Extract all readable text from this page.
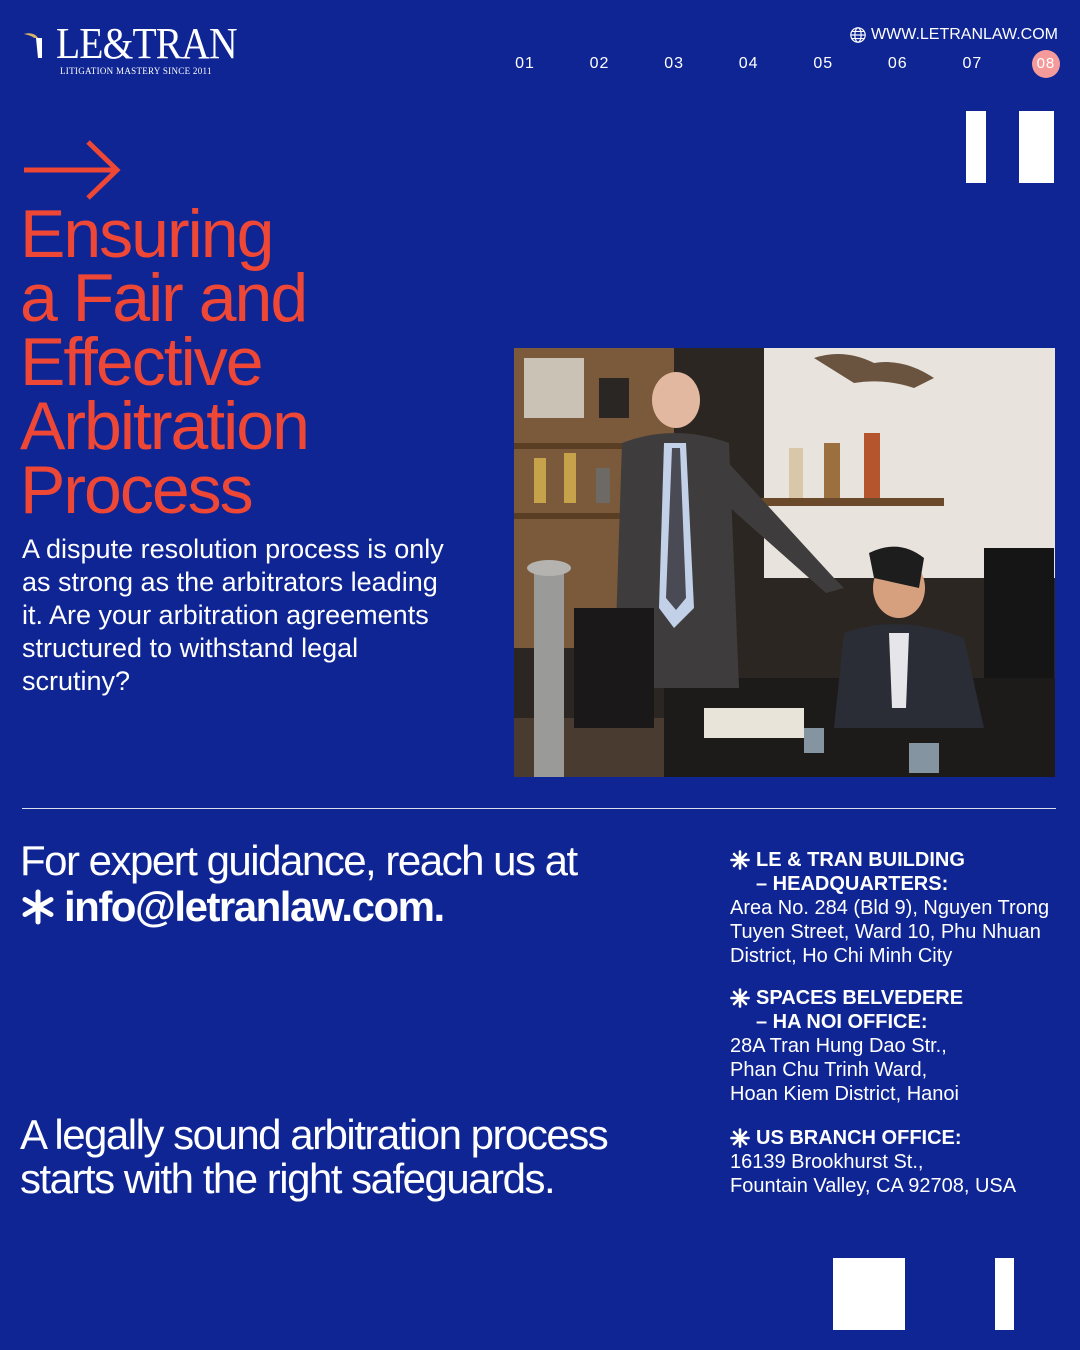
LE&TRAN
LITIGATION MASTERY SINCE 2011
WWW.LETRANLAW.COM
01	02	03	04	05	06	07	08
Ensuring
a Fair and
Effective
Arbitration
Process

A dispute resolution process is only as strong as the arbitrators leading it. Are your arbitration agreements structured to withstand legal scrutiny?

For expert guidance, reach us at
info@letranlaw.com.
A legally sound arbitration process starts with the right safeguards.
LE & TRAN BUILDING
– HEADQUARTERS:
Area No. 284 (Bld 9), Nguyen Trong
Tuyen Street, Ward 10, Phu Nhuan
District, Ho Chi Minh City
SPACES BELVEDERE
– HA NOI OFFICE:
28A Tran Hung Dao Str.,
Phan Chu Trinh Ward,
Hoan Kiem District, Hanoi
US BRANCH OFFICE:
16139 Brookhurst St.,
Fountain Valley, CA 92708, USA
